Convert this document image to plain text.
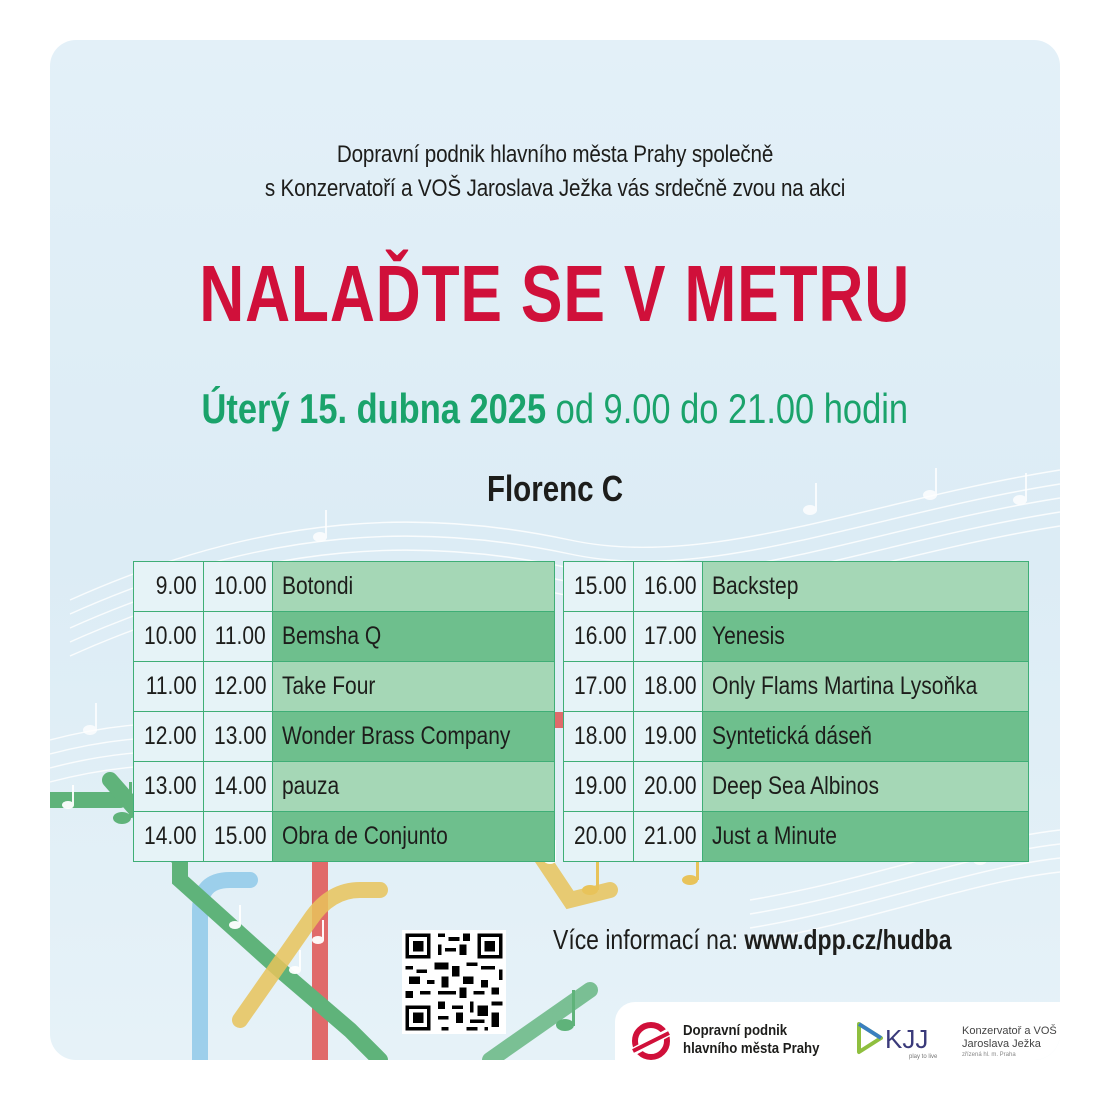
Dopravní podnik hlavního města Prahy společně
s Konzervatoří a VOŠ Jaroslava Ježka vás srdečně zvou na akci
NALAĎTE SE V METRU
Úterý 15. dubna 2025 od 9.00 do 21.00 hodin
Florenc C
9.00	10.00	Botondi
10.00	11.00	Bemsha Q
11.00	12.00	Take Four
12.00	13.00	Wonder Brass Company
13.00	14.00	pauza
14.00	15.00	Obra de Conjunto
15.00	16.00	Backstep
16.00	17.00	Yenesis
17.00	18.00	Only Flams Martina Lysoňka
18.00	19.00	Syntetická dáseň
19.00	20.00	Deep Sea Albinos
20.00	21.00	Just a Minute
Více informací na: www.dpp.cz/hudba
Dopravní podnik
hlavního města Prahy	KJJ
play to live
Konzervatoř a VOŠ
Jaroslava Ježka
zřízená hl. m. Praha
